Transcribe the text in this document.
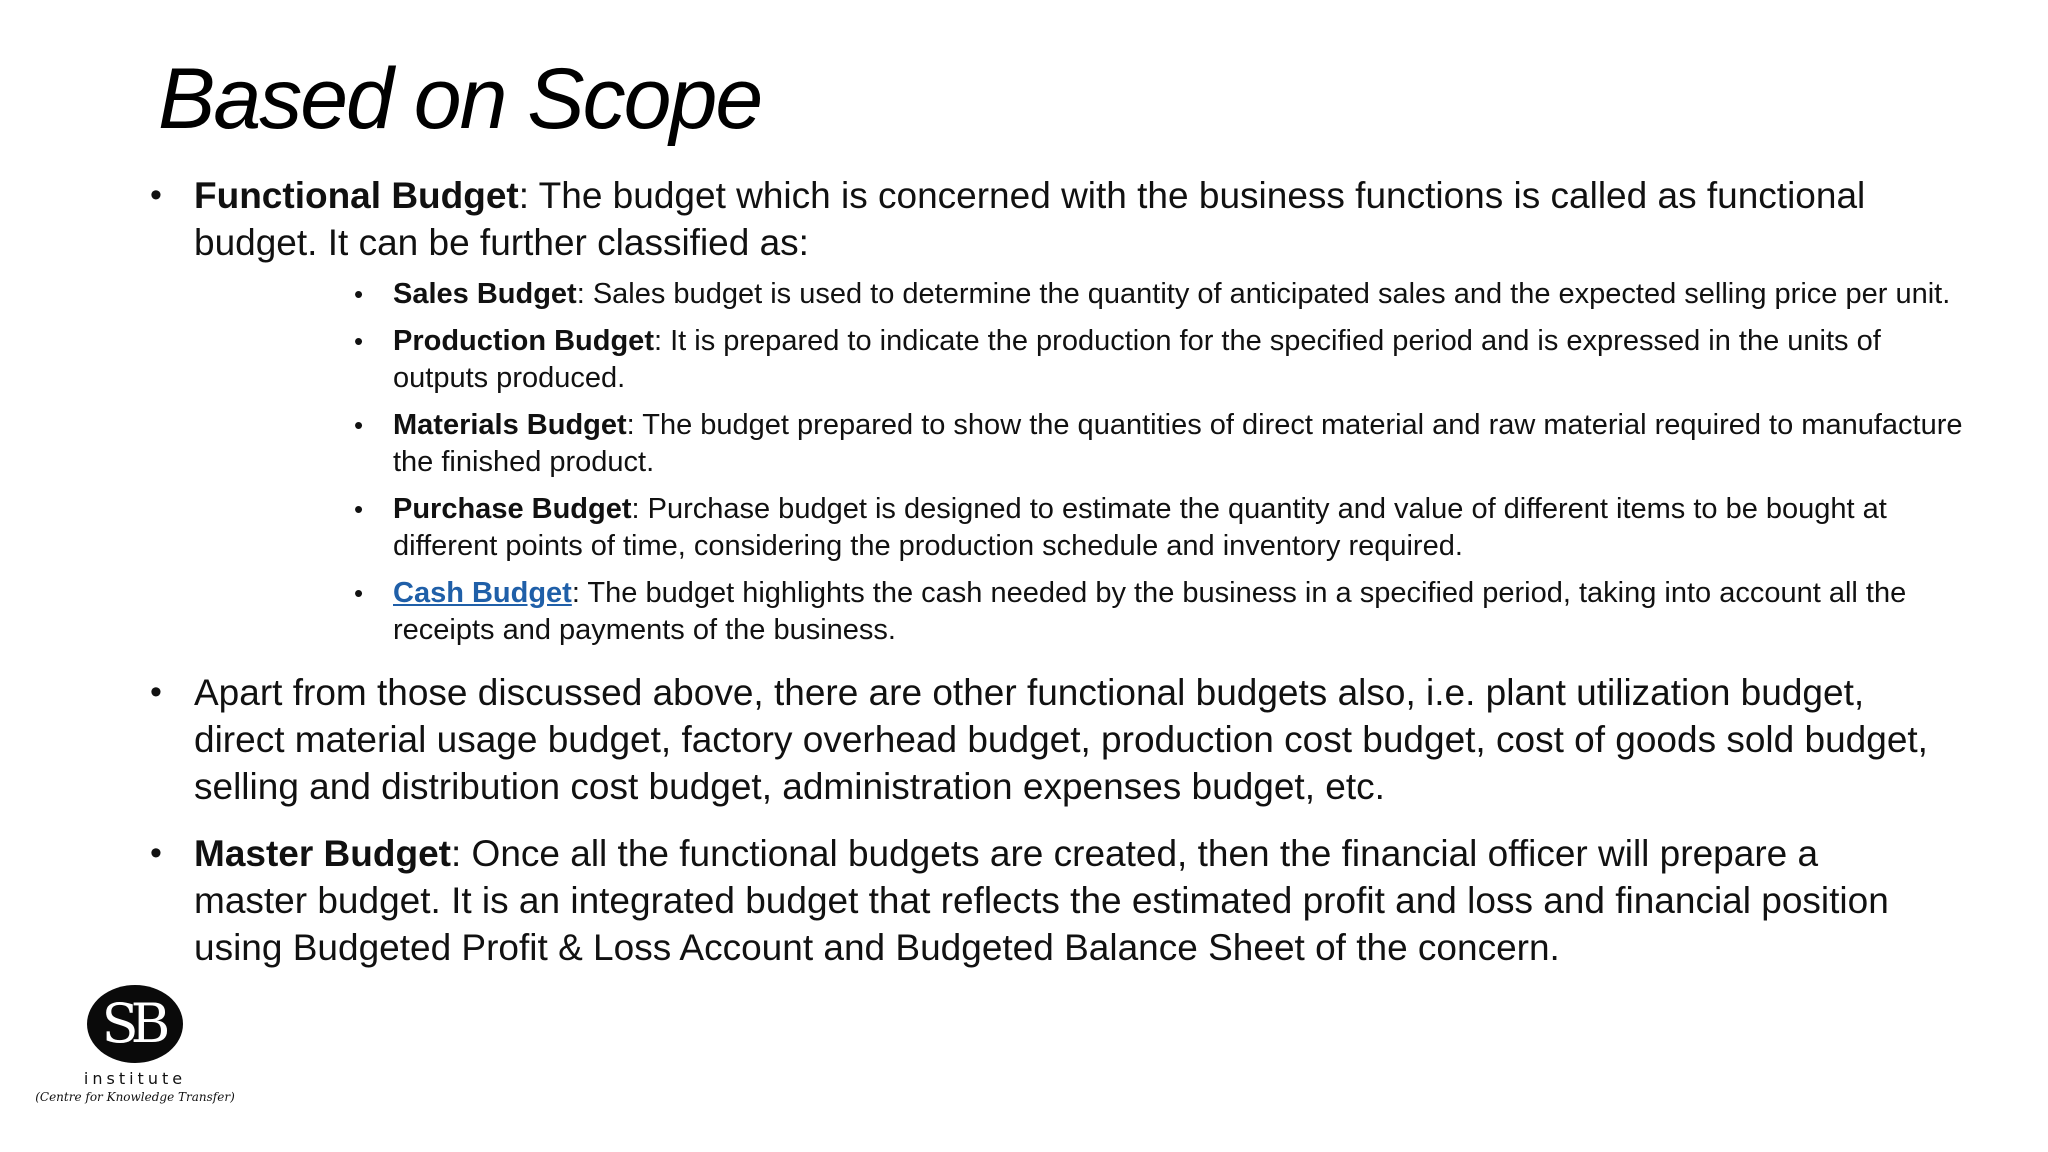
Based on Scope
• Functional Budget: The budget which is concerned with the business functions is called as functional budget. It can be further classified as:
• Sales Budget: Sales budget is used to determine the quantity of anticipated sales and the expected selling price per unit.
• Production Budget: It is prepared to indicate the production for the specified period and is expressed in the units of outputs produced.
• Materials Budget: The budget prepared to show the quantities of direct material and raw material required to manufacture the finished product.
• Purchase Budget: Purchase budget is designed to estimate the quantity and value of different items to be bought at different points of time, considering the production schedule and inventory required.
• Cash Budget: The budget highlights the cash needed by the business in a specified period, taking into account all the receipts and payments of the business.
• Apart from those discussed above, there are other functional budgets also, i.e. plant utilization budget, direct material usage budget, factory overhead budget, production cost budget, cost of goods sold budget, selling and distribution cost budget, administration expenses budget, etc.
• Master Budget: Once all the functional budgets are created, then the financial officer will prepare a master budget. It is an integrated budget that reflects the estimated profit and loss and financial position using Budgeted Profit & Loss Account and Budgeted Balance Sheet of the concern.
SB
institute
(Centre for Knowledge Transfer)
